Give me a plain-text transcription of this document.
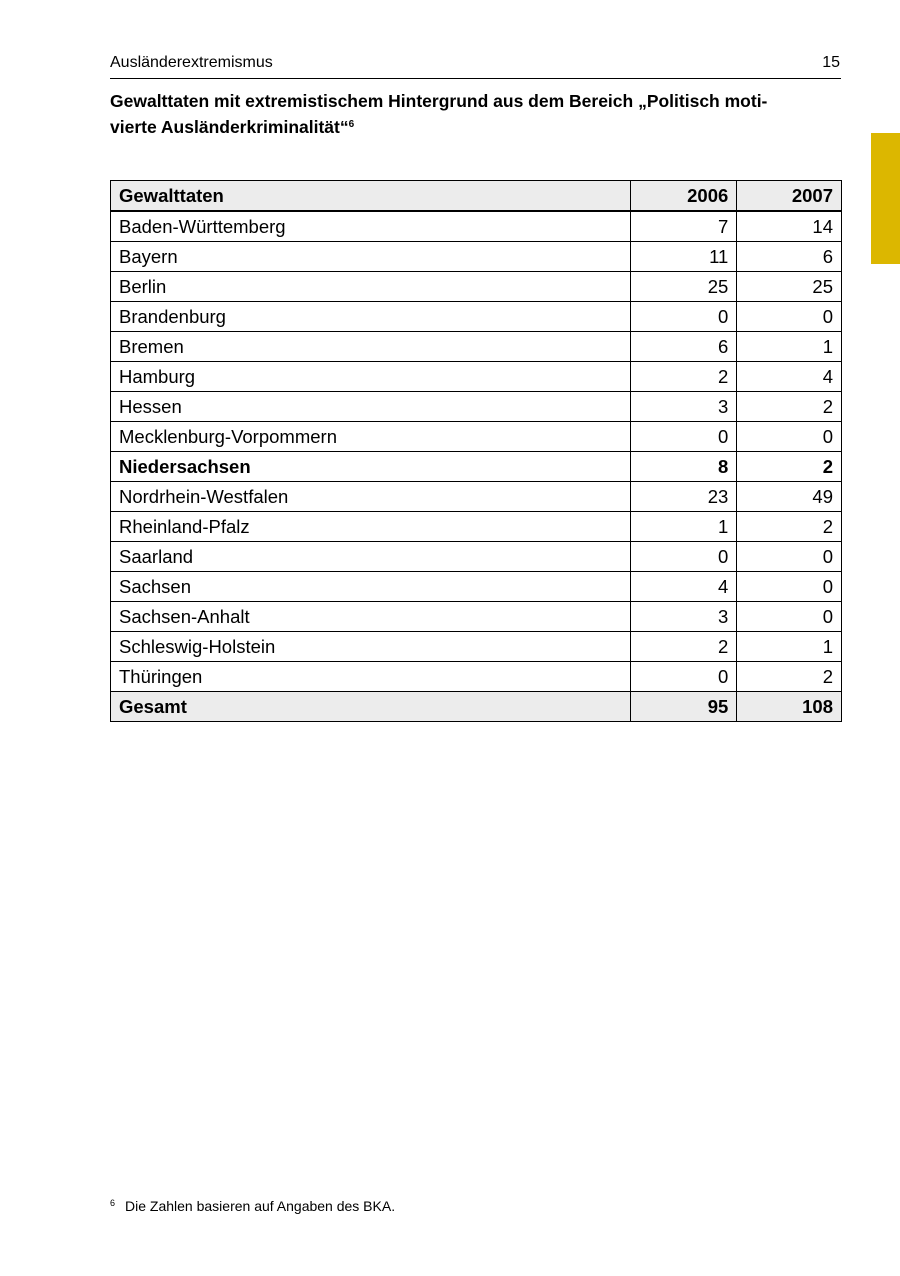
Ausländerextremismus	15
Gewalttaten mit extremistischem Hintergrund aus dem Bereich „Politisch moti-
vierte Ausländerkriminalität“$^6$
Gewalttaten	2006	2007
Baden-Württemberg	7	14
Bayern	11	6
Berlin	25	25
Brandenburg	0	0
Bremen	6	1
Hamburg	2	4
Hessen	3	2
Mecklenburg-Vorpommern	0	0
Niedersachsen	8	2
Nordrhein-Westfalen	23	49
Rheinland-Pfalz	1	2
Saarland	0	0
Sachsen	4	0
Sachsen-Anhalt	3	0
Schleswig-Holstein	2	1
Thüringen	0	2
Gesamt	95	108
$^6$ Die Zahlen basieren auf Angaben des BKA.
